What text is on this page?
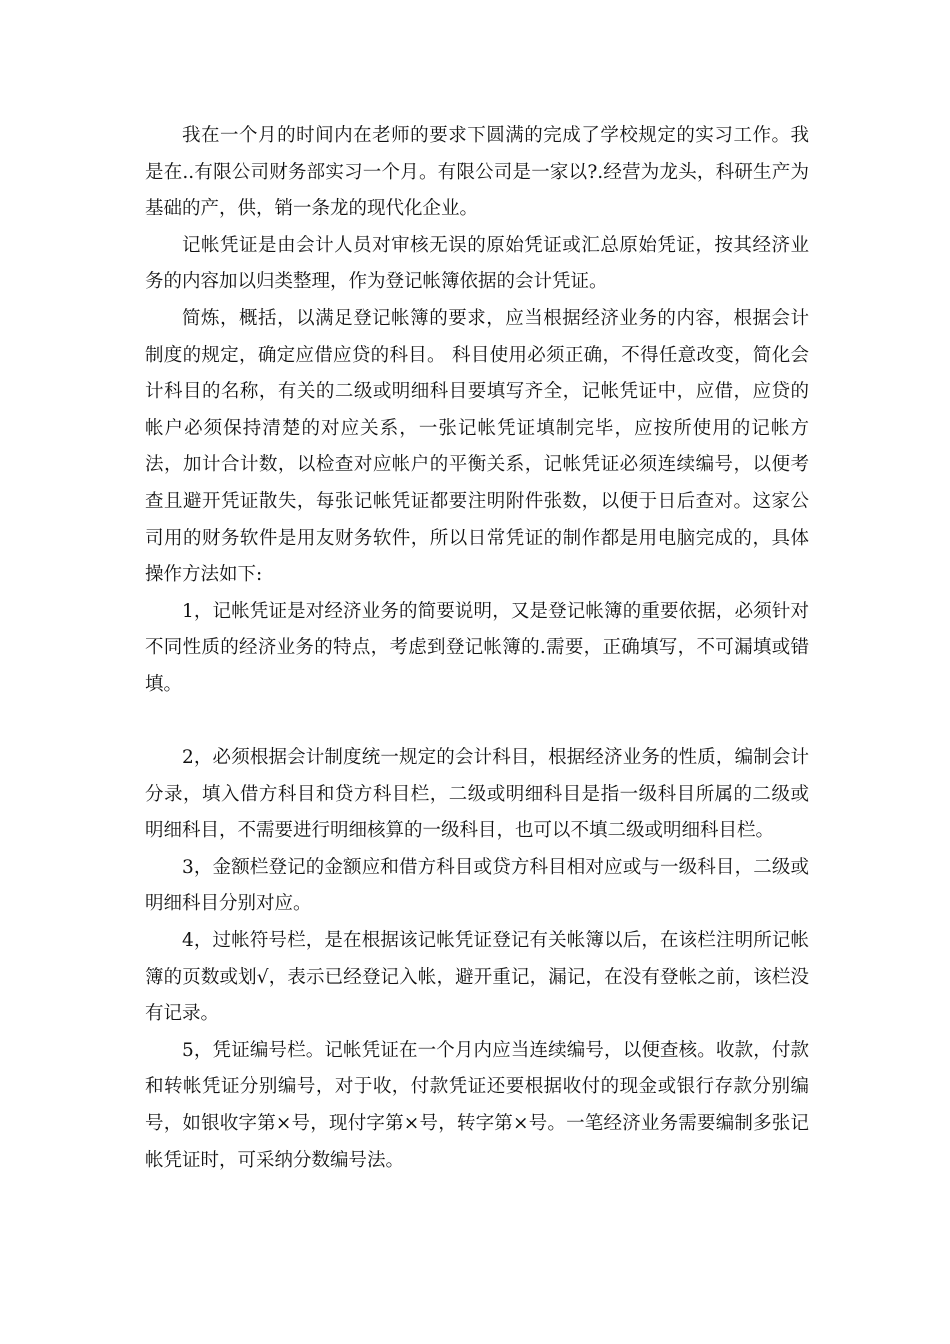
我在一个月的时间内在老师的要求下圆满的完成了学校规定的实习工作。我是在..有限公司财务部实习一个月。有限公司是一家以?.经营为龙头，科研生产为基础的产，供，销一条龙的现代化企业。

记帐凭证是由会计人员对审核无误的原始凭证或汇总原始凭证，按其经济业务的内容加以归类整理，作为登记帐簿依据的会计凭证。

简炼，概括，以满足登记帐簿的要求，应当根据经济业务的内容，根据会计制度的规定，确定应借应贷的科目。 科目使用必须正确，不得任意改变，简化会计科目的名称，有关的二级或明细科目要填写齐全，记帐凭证中，应借，应贷的帐户必须保持清楚的对应关系，一张记帐凭证填制完毕，应按所使用的记帐方法，加计合计数，以检查对应帐户的平衡关系，记帐凭证必须连续编号，以便考查且避开凭证散失，每张记帐凭证都要注明附件张数，以便于日后查对。这家公司用的财务软件是用友财务软件，所以日常凭证的制作都是用电脑完成的，具体操作方法如下:

1，记帐凭证是对经济业务的简要说明，又是登记帐簿的重要依据，必须针对不同性质的经济业务的特点，考虑到登记帐簿的.需要，正确填写，不可漏填或错填。

2，必须根据会计制度统一规定的会计科目，根据经济业务的性质，编制会计分录，填入借方科目和贷方科目栏，二级或明细科目是指一级科目所属的二级或明细科目，不需要进行明细核算的一级科目，也可以不填二级或明细科目栏。

3，金额栏登记的金额应和借方科目或贷方科目相对应或与一级科目，二级或明细科目分别对应。

4，过帐符号栏，是在根据该记帐凭证登记有关帐簿以后，在该栏注明所记帐簿的页数或划√，表示已经登记入帐，避开重记，漏记，在没有登帐之前，该栏没有记录。

5，凭证编号栏。记帐凭证在一个月内应当连续编号，以便查核。收款，付款和转帐凭证分别编号，对于收，付款凭证还要根据收付的现金或银行存款分别编号，如银收字第×号，现付字第×号，转字第×号。一笔经济业务需要编制多张记帐凭证时，可采纳分数编号法。
